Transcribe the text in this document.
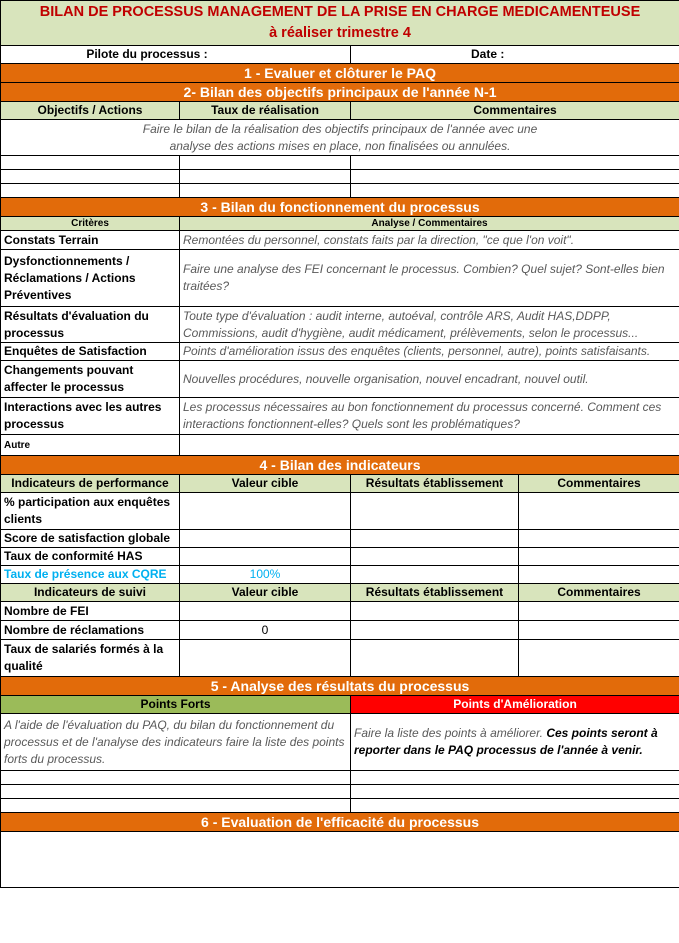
BILAN DE PROCESSUS MANAGEMENT DE LA PRISE EN CHARGE MEDICAMENTEUSE
à réaliser trimestre 4			

Pilote du processus :		Date :	
1 - Evaluer et clôturer le PAQ			
2- Bilan des objectifs principaux de l'année N-1			
Objectifs / Actions	Taux de réalisation	Commentaires	
Faire le bilan de la réalisation des objectifs principaux de l'année avec une analyse des actions mises en place, non finalisées ou annulées.			

3 - Bilan du fonctionnement du processus			
Critères	Analyse / Commentaires		
Constats Terrain	Remontées du personnel, constats faits par la direction, "ce que l'on voit".		
Dysfonctionnements / Réclamations / Actions Préventives	Faire une analyse des FEI concernant le processus. Combien? Quel sujet? Sont-elles bien traitées?		
Résultats d'évaluation du processus	Toute type d'évaluation : audit interne, autoéval, contrôle ARS, Audit HAS,DDPP, Commissions, audit d'hygiène, audit médicament, prélèvements, selon le processus...		
Enquêtes de Satisfaction	Points d'amélioration issus des enquêtes (clients, personnel, autre), points satisfaisants.		
Changements pouvant affecter le processus	Nouvelles procédures, nouvelle organisation, nouvel encadrant, nouvel outil.		
Interactions avec les autres processus	Les processus nécessaires au bon fonctionnement du processus concerné. Comment ces interactions fonctionnent-elles? Quels sont les problématiques?		
Autre			
4 - Bilan des indicateurs			
Indicateurs de performance	Valeur cible	Résultats établissement	Commentaires
% participation aux enquêtes clients			
Score de satisfaction globale			
Taux de conformité HAS			
Taux de présence aux CQRE	100%		
Indicateurs de suivi	Valeur cible	Résultats établissement	Commentaires
Nombre de FEI			
Nombre de réclamations	0		
Taux de salariés formés à la qualité			
5 - Analyse des résultats du processus			
Points Forts		Points d'Amélioration	
A l'aide de l'évaluation du PAQ, du bilan du fonctionnement du processus et de l'analyse des indicateurs faire la liste des points forts du processus.		Faire la liste des points à améliorer. Ces points seront à reporter dans le PAQ processus de l'année à venir.	

6 - Evaluation de l'efficacité du processus			
